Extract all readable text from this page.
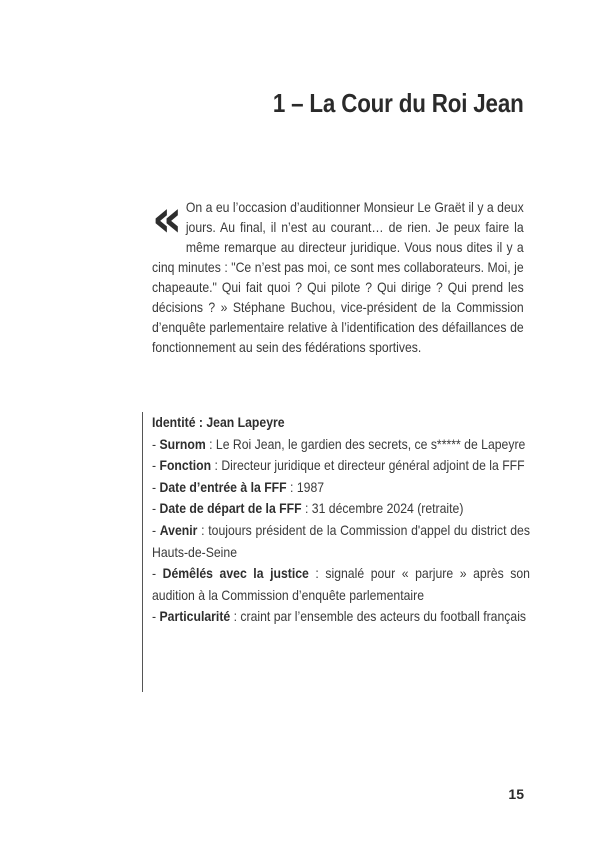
1 – La Cour du Roi Jean
« On a eu l’occasion d’auditionner Monsieur Le Graët il y a deux jours. Au final, il n’est au courant… de rien. Je peux faire la même remarque au directeur juridique. Vous nous dites il y a cinq minutes : "Ce n’est pas moi, ce sont mes collaborateurs. Moi, je chapeaute." Qui fait quoi ? Qui pilote ? Qui dirige ? Qui prend les décisions ? » Stéphane Buchou, vice-président de la Commission d’enquête parlementaire relative à l’identification des défaillances de fonctionnement au sein des fédérations sportives.

Identité : Jean Lapeyre

- Surnom : Le Roi Jean, le gardien des secrets, ce s***** de Lapeyre

- Fonction : Directeur juridique et directeur général adjoint de la FFF

- Date d’entrée à la FFF : 1987

- Date de départ de la FFF : 31 décembre 2024 (retraite)

- Avenir : toujours président de la Commission d'appel du district des Hauts-de-Seine

- Démêlés avec la justice : signalé pour « parjure » après son audition à la Commission d’enquête parlementaire

- Particularité : craint par l’ensemble des acteurs du football français

15
